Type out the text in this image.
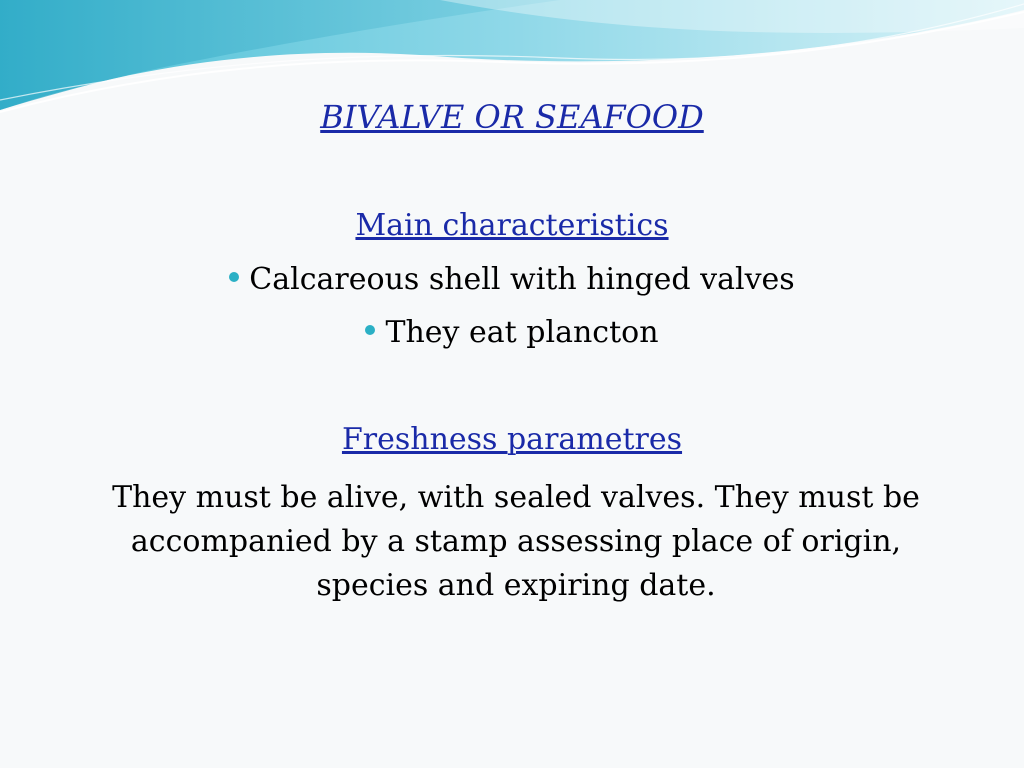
BIVALVE OR SEAFOOD
Main characteristics
Calcareous shell with hinged valves
They eat plancton
Freshness parametres
They must be alive, with sealed valves. They must be accompanied by a stamp assessing place of origin, species and expiring date.
